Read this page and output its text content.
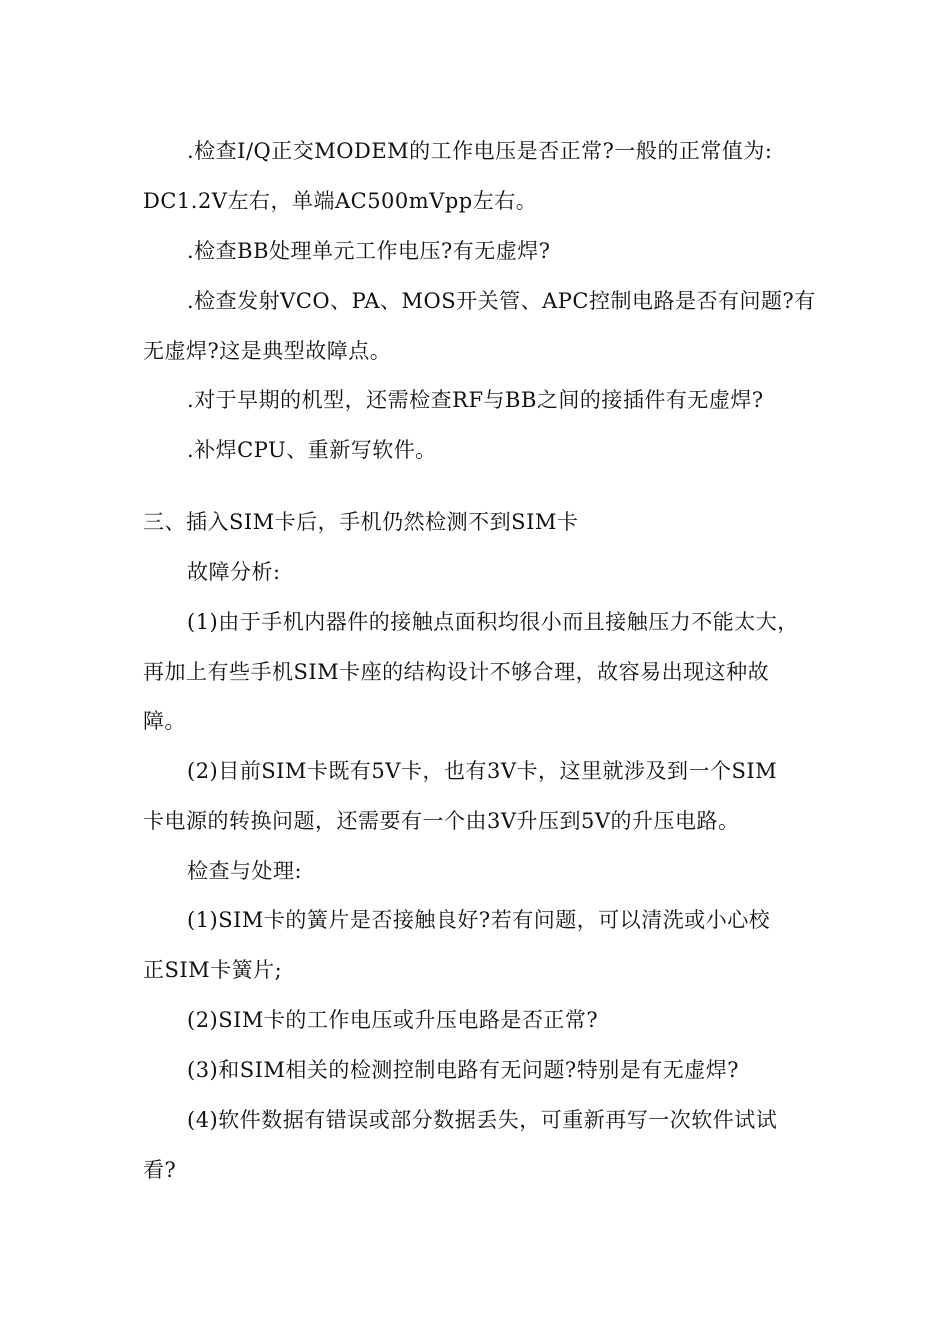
.检查Ⅰ/Q正交MODEM的工作电压是否正常?一般的正常值为:
DC1.2V左右，单端AC500mVpp左右。
.检查BB处理单元工作电压?有无虚焊?
.检查发射VCO、PA、MOS开关管、APC控制电路是否有问题?有
无虚焊?这是典型故障点。
.对于早期的机型，还需检查RF与BB之间的接插件有无虚焊?
.补焊CPU、重新写软件。
三、插入SIM卡后，手机仍然检测不到SIM卡
故障分析:
(1)由于手机内器件的接触点面积均很小而且接触压力不能太大，
再加上有些手机SIM卡座的结构设计不够合理，故容易出现这种故
障。
(2)目前SIM卡既有5V卡，也有3V卡，这里就涉及到一个SIM
卡电源的转换问题，还需要有一个由3V升压到5V的升压电路。
检查与处理:
(1)SIM卡的簧片是否接触良好?若有问题，可以清洗或小心校
正SIM卡簧片;
(2)SIM卡的工作电压或升压电路是否正常?
(3)和SIM相关的检测控制电路有无问题?特别是有无虚焊?
(4)软件数据有错误或部分数据丢失，可重新再写一次软件试试
看?
